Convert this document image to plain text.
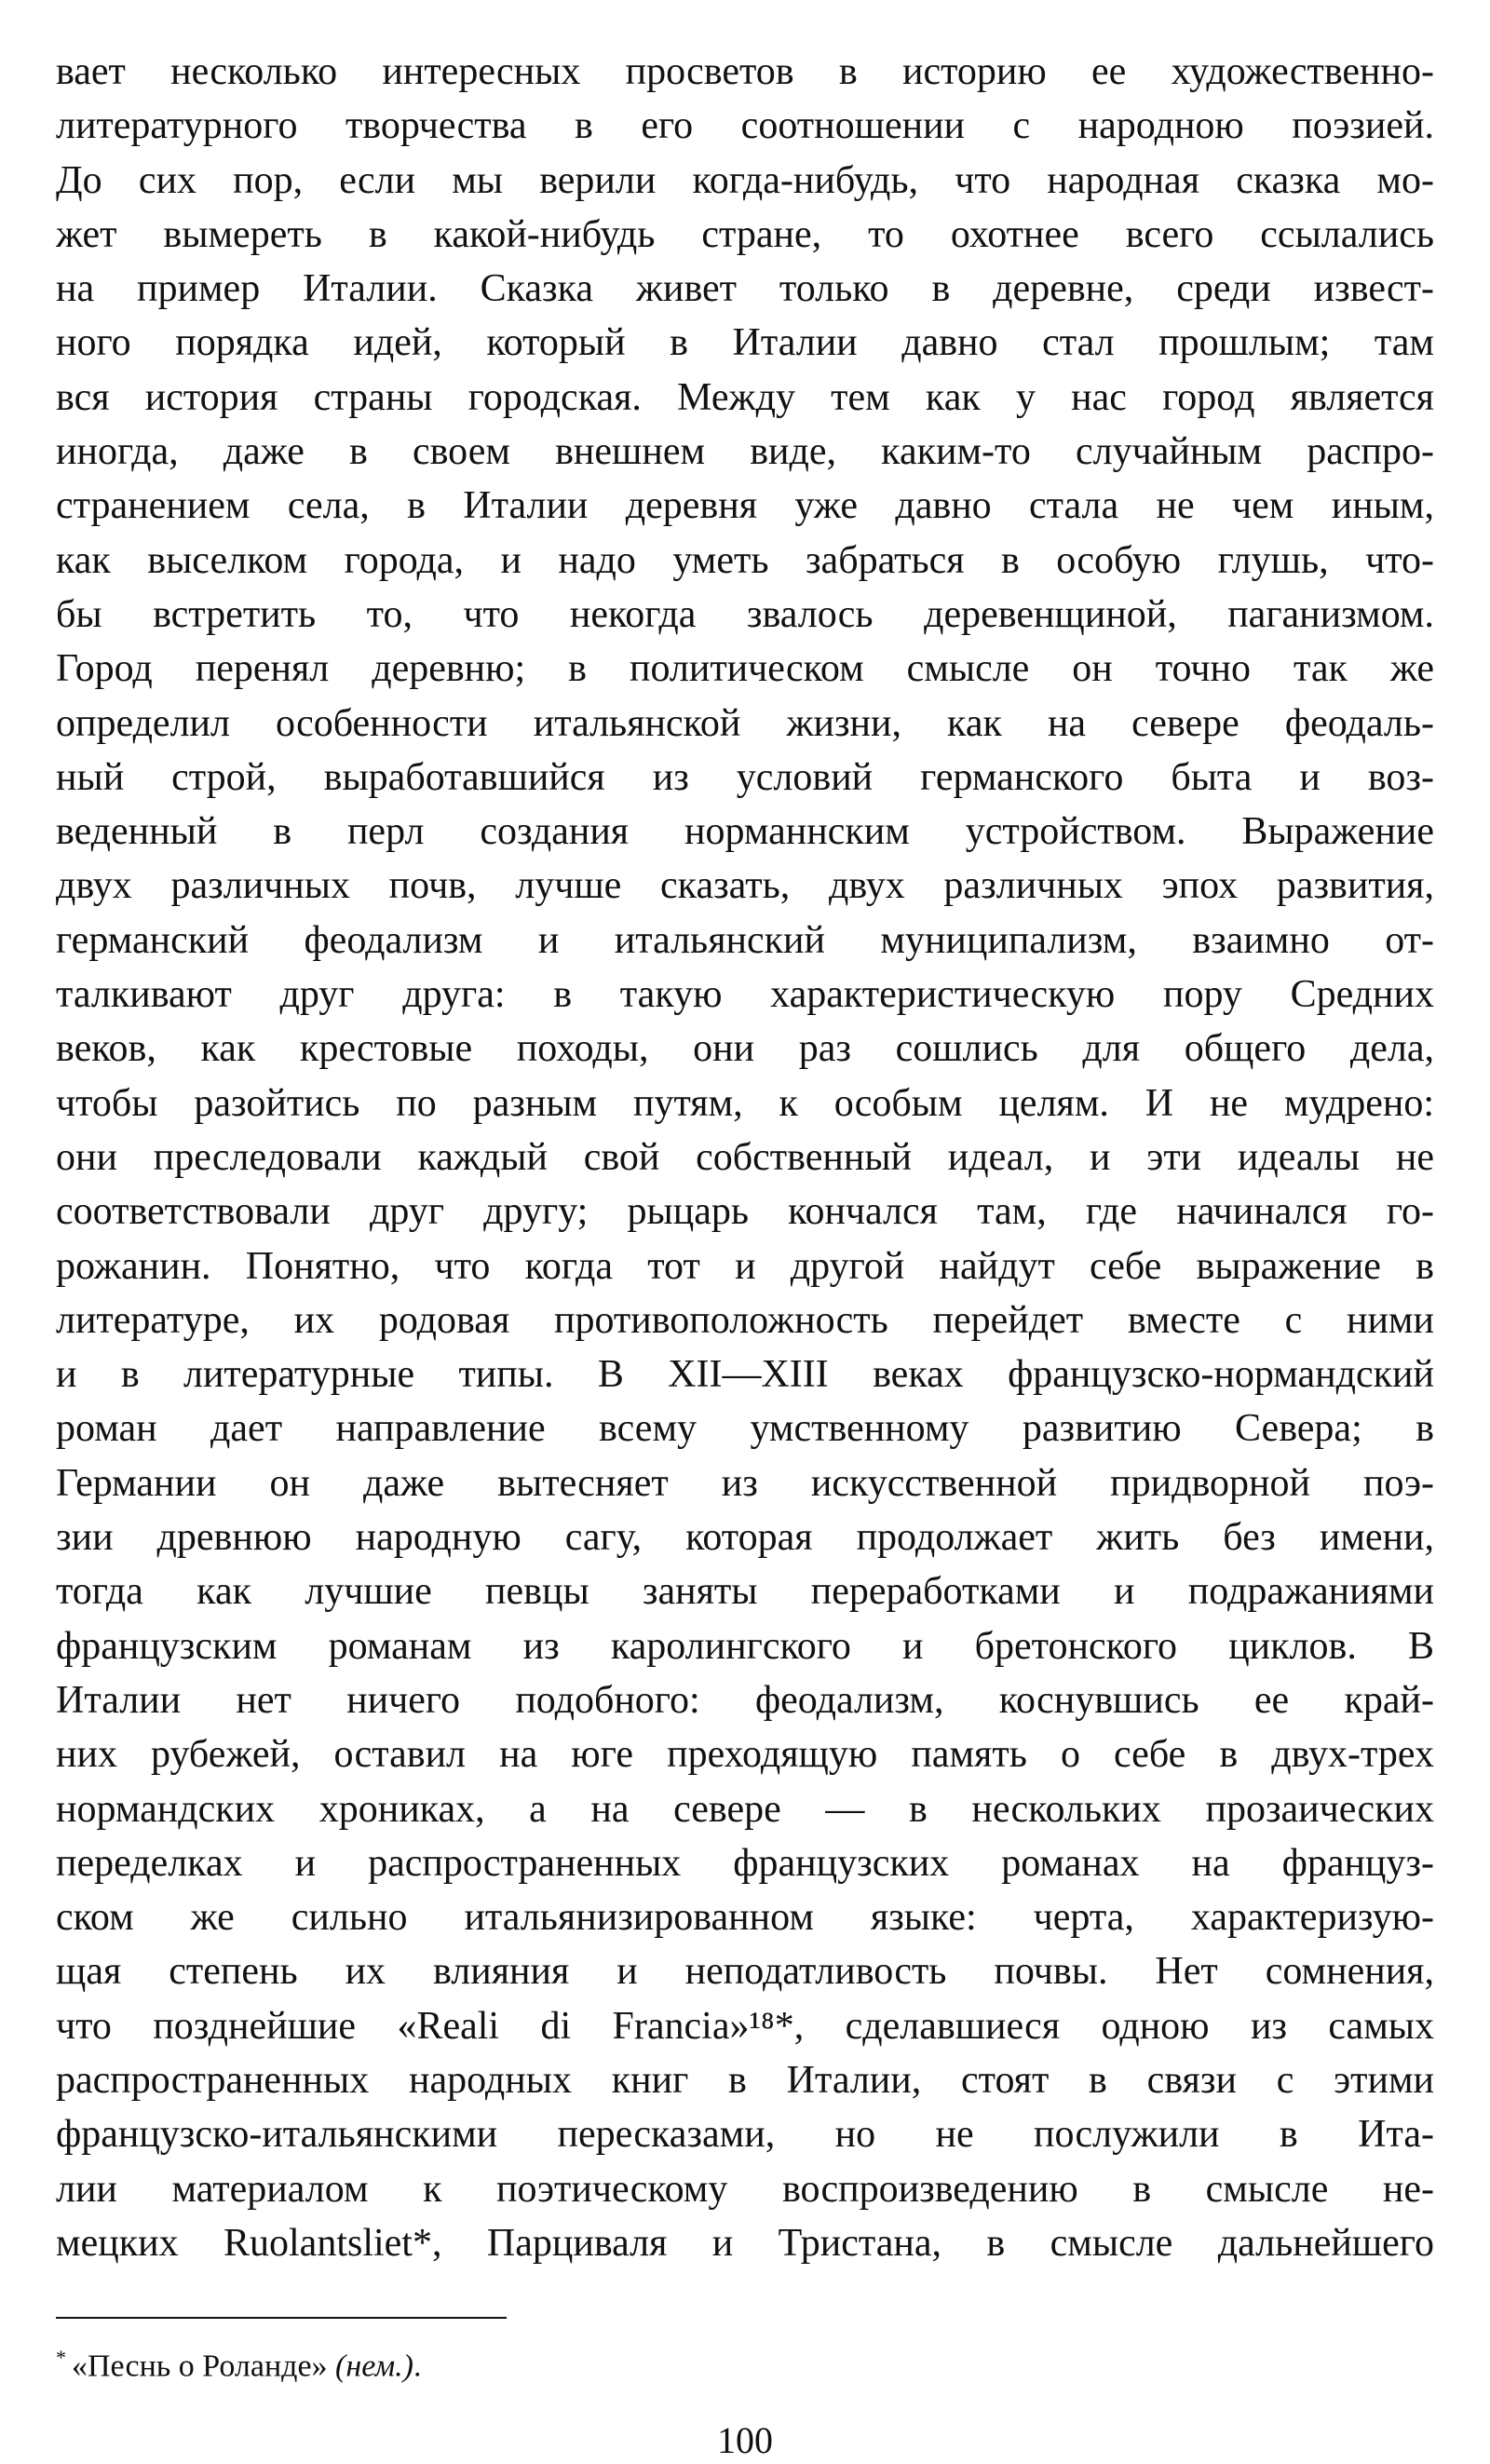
вает несколько интересных просветов в историю ее художественно-
литературного творчества в его соотношении с народною поэзией.
До сих пор, если мы верили когда-нибудь, что народная сказка мо-
жет вымереть в какой-нибудь стране, то охотнее всего ссылались
на пример Италии. Сказка живет только в деревне, среди извест-
ного порядка идей, который в Италии давно стал прошлым; там
вся история страны городская. Между тем как у нас город является
иногда, даже в своем внешнем виде, каким-то случайным распро-
странением села, в Италии деревня уже давно стала не чем иным,
как выселком города, и надо уметь забраться в особую глушь, что-
бы встретить то, что некогда звалось деревенщиной, паганизмом.
Город перенял деревню; в политическом смысле он точно так же
определил особенности итальянской жизни, как на севере феодаль-
ный строй, выработавшийся из условий германского быта и воз-
веденный в перл создания норманнским устройством. Выражение
двух различных почв, лучше сказать, двух различных эпох развития,
германский феодализм и итальянский муниципализм, взаимно от-
талкивают друг друга: в такую характеристическую пору Средних
веков, как крестовые походы, они раз сошлись для общего дела,
чтобы разойтись по разным путям, к особым целям. И не мудрено:
они преследовали каждый свой собственный идеал, и эти идеалы не
соответствовали друг другу; рыцарь кончался там, где начинался го-
рожанин. Понятно, что когда тот и другой найдут себе выражение в
литературе, их родовая противоположность перейдет вместе с ними
и в литературные типы. В XII—XIII веках французско-нормандский
роман дает направление всему умственному развитию Севера; в
Германии он даже вытесняет из искусственной придворной поэ-
зии древнюю народную сагу, которая продолжает жить без имени,
тогда как лучшие певцы заняты переработками и подражаниями
французским романам из каролингского и бретонского циклов. В
Италии нет ничего подобного: феодализм, коснувшись ее край-
них рубежей, оставил на юге преходящую память о себе в двух-трех
нормандских хрониках, а на севере — в нескольких прозаических
переделках и распространенных французских романах на француз-
ском же сильно итальянизированном языке: черта, характеризую-
щая степень их влияния и неподатливость почвы. Нет сомнения,
что позднейшие «Reali di Francia»¹⁸*, сделавшиеся одною из самых
распространенных народных книг в Италии, стоят в связи с этими
французско-итальянскими пересказами, но не послужили в Ита-
лии материалом к поэтическому воспроизведению в смысле не-
мецких Ruolantsliet*, Парциваля и Тристана, в смысле дальнейшего
* «Песнь о Роланде» (нем.).
100
